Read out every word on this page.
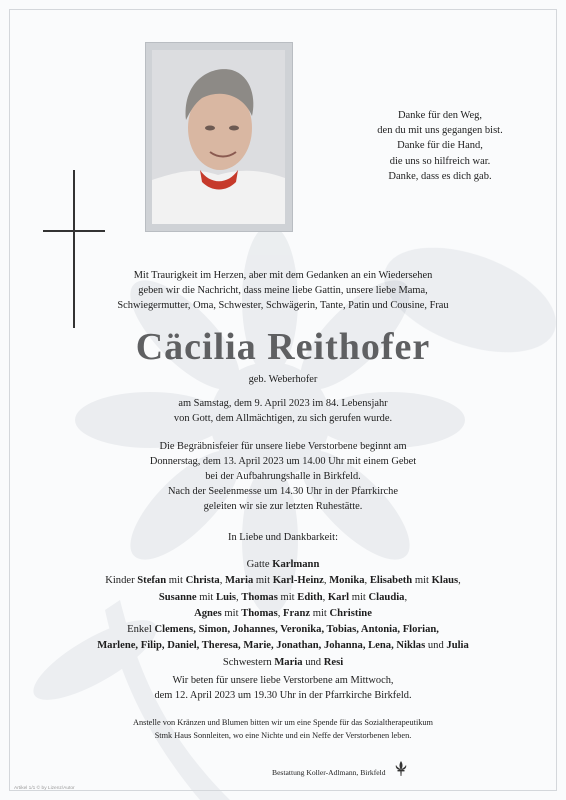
Danke für den Weg,
den du mit uns gegangen bist.
Danke für die Hand,
die uns so hilfreich war.
Danke, dass es dich gab.
Mit Traurigkeit im Herzen, aber mit dem Gedanken an ein Wiedersehen
geben wir die Nachricht, dass meine liebe Gattin, unsere liebe Mama,
Schwiegermutter, Oma, Schwester, Schwägerin, Tante, Patin und Cousine, Frau
Cäcilia Reithofer
geb. Weberhofer
am Samstag, dem 9. April 2023 im 84. Lebensjahr
von Gott, dem Allmächtigen, zu sich gerufen wurde.
Die Begräbnisfeier für unsere liebe Verstorbene beginnt am
Donnerstag, dem 13. April 2023 um 14.00 Uhr mit einem Gebet
bei der Aufbahrungshalle in Birkfeld.
Nach der Seelenmesse um 14.30 Uhr in der Pfarrkirche
geleiten wir sie zur letzten Ruhestätte.
In Liebe und Dankbarkeit:
Gatte Karlmann
Kinder Stefan mit Christa, Maria mit Karl-Heinz, Monika, Elisabeth mit Klaus,
Susanne mit Luis, Thomas mit Edith, Karl mit Claudia,
Agnes mit Thomas, Franz mit Christine
Enkel Clemens, Simon, Johannes, Veronika, Tobias, Antonia, Florian,
Marlene, Filip, Daniel, Theresa, Marie, Jonathan, Johanna, Lena, Niklas und Julia
Schwestern Maria und Resi
Wir beten für unsere liebe Verstorbene am Mittwoch,
dem 12. April 2023 um 19.30 Uhr in der Pfarrkirche Birkfeld.
Anstelle von Kränzen und Blumen bitten wir um eine Spende für das Sozialtherapeutikum
Stmk Haus Sonnleiten, wo eine Nichte und ein Neffe der Verstorbenen leben.
Bestattung Koller-Adlmann, Birkfeld
Artikel 1/1 © by Lizenz/Autor
